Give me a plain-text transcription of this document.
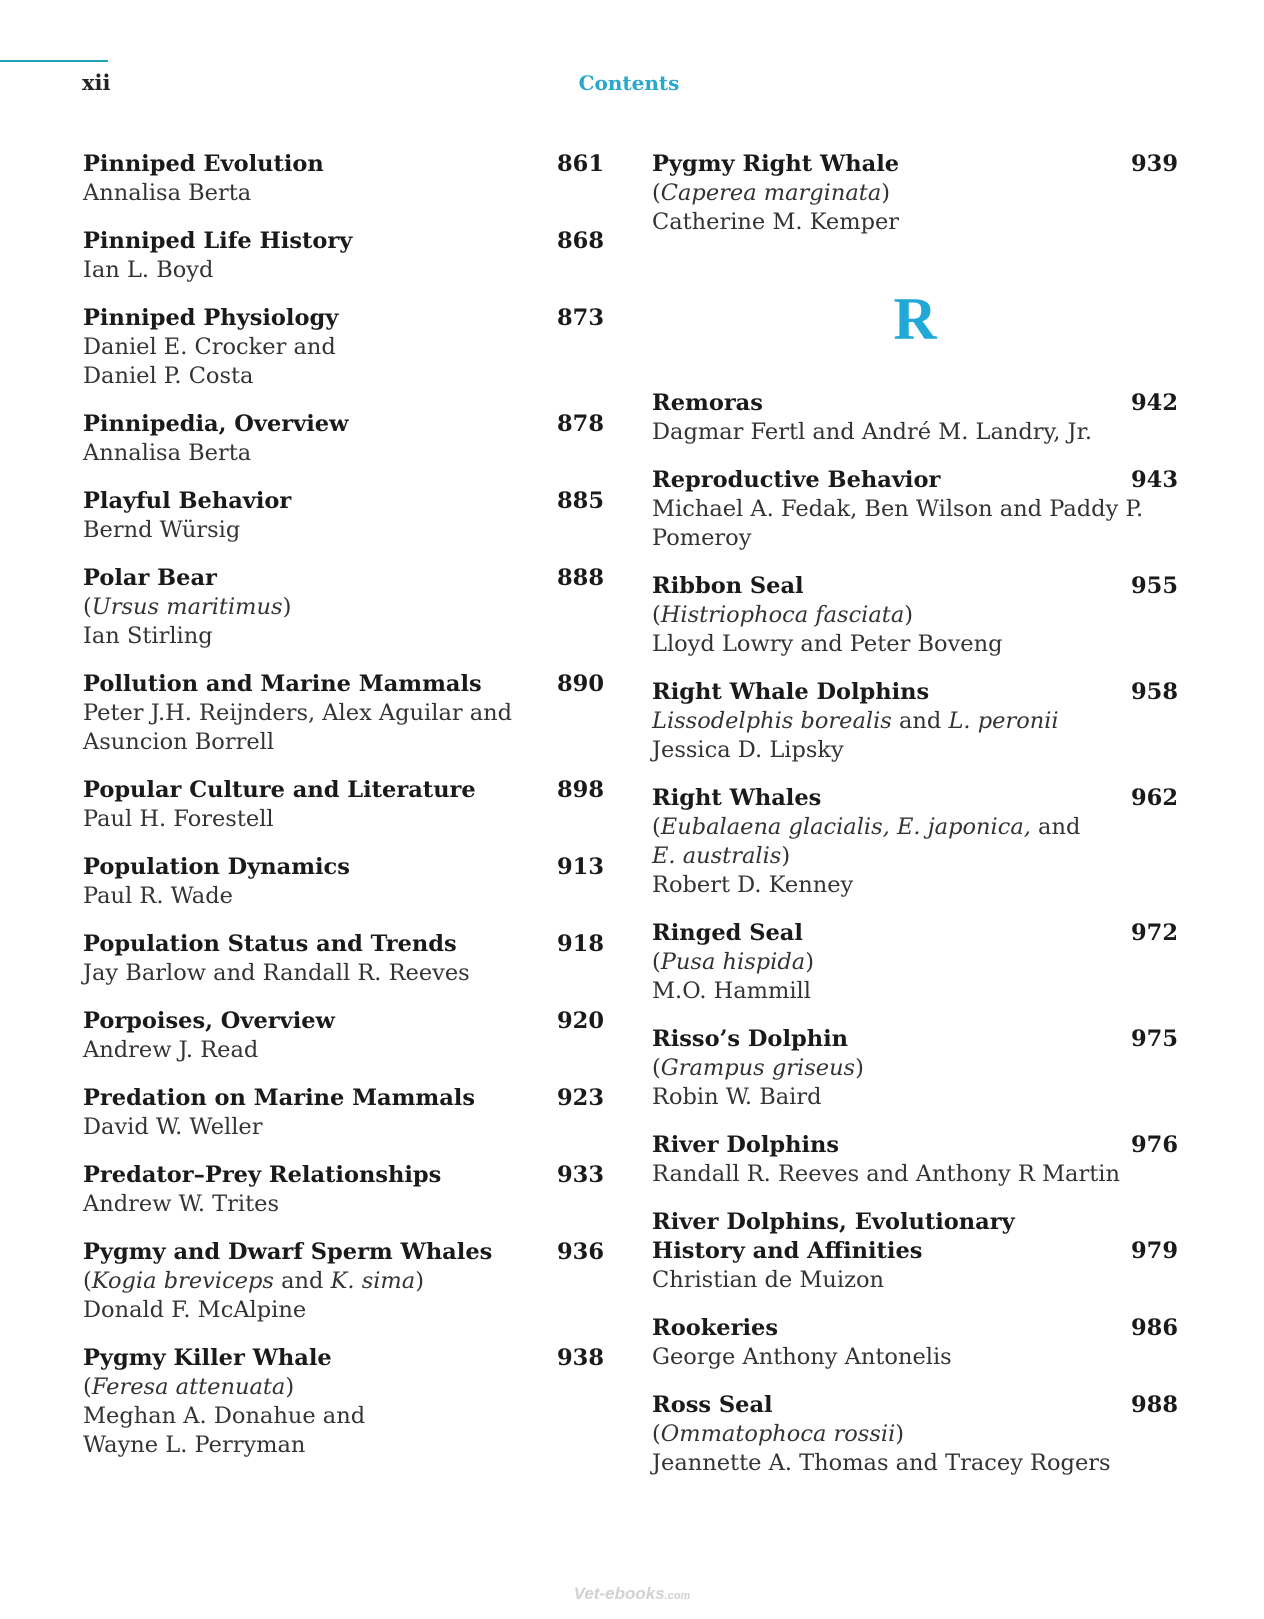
xii	Contents
Pinniped Evolution	861
Annalisa Berta
Pinniped Life History	868
Ian L. Boyd
Pinniped Physiology	873
Daniel E. Crocker and
Daniel P. Costa
Pinnipedia, Overview	878
Annalisa Berta
Playful Behavior	885
Bernd Würsig
Polar Bear	888
(Ursus maritimus)
Ian Stirling
Pollution and Marine Mammals	890
Peter J.H. Reijnders, Alex Aguilar and
Asuncion Borrell
Popular Culture and Literature	898
Paul H. Forestell
Population Dynamics	913
Paul R. Wade
Population Status and Trends	918
Jay Barlow and Randall R. Reeves
Porpoises, Overview	920
Andrew J. Read
Predation on Marine Mammals	923
David W. Weller
Predator–Prey Relationships	933
Andrew W. Trites
Pygmy and Dwarf Sperm Whales	936
(Kogia breviceps and K. sima)
Donald F. McAlpine
Pygmy Killer Whale	938
(Feresa attenuata)
Meghan A. Donahue and
Wayne L. Perryman
Pygmy Right Whale	939
(Caperea marginata)
Catherine M. Kemper
R
Remoras	942
Dagmar Fertl and André M. Landry, Jr.
Reproductive Behavior	943
Michael A. Fedak, Ben Wilson and Paddy P.
Pomeroy
Ribbon Seal	955
(Histriophoca fasciata)
Lloyd Lowry and Peter Boveng
Right Whale Dolphins	958
Lissodelphis borealis and L. peronii
Jessica D. Lipsky
Right Whales	962
(Eubalaena glacialis, E. japonica, and
E. australis)
Robert D. Kenney
Ringed Seal	972
(Pusa hispida)
M.O. Hammill
Risso’s Dolphin	975
(Grampus griseus)
Robin W. Baird
River Dolphins	976
Randall R. Reeves and Anthony R Martin
River Dolphins, Evolutionary History and Affinities	979
Christian de Muizon
Rookeries	986
George Anthony Antonelis
Ross Seal	988
(Ommatophoca rossii)
Jeannette A. Thomas and Tracey Rogers
Vet-ebooks.com
